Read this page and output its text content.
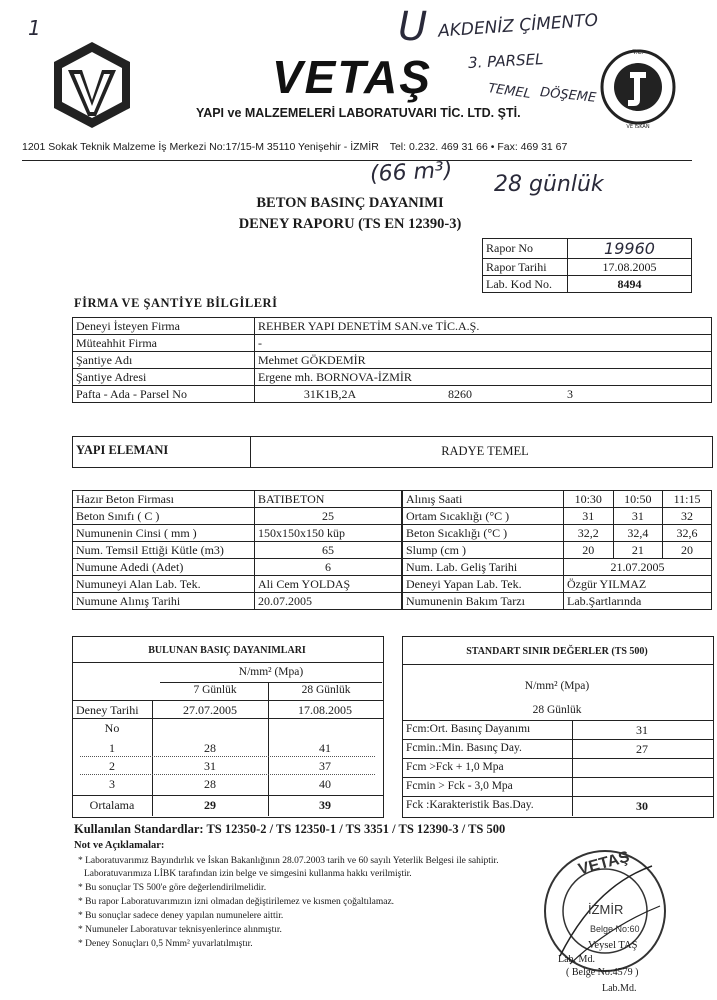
VETAŞ
YAPI ve MALZEMELERİ LABORATUVARI TİC. LTD. ŞTİ.
T.C.
VE İSKAN
1201 Sokak Teknik Malzeme İş Merkezi No:17/15-M 35110 Yenişehir - İZMİR Tel: 0.232. 469 31 66 • Fax: 469 31 67
1	U AKDENİZ ÇİMENTO
3. PARSEL
TEMEL DÖŞEME
(66 m³) 28 günlük
BETON BASINÇ DAYANIMI
DENEY RAPORU (TS EN 12390-3)
Rapor No	19960
Rapor Tarihi	17.08.2005
Lab. Kod No.	8494
FİRMA VE ŞANTİYE BİLGİLERİ
Deneyi İsteyen Firma	REHBER YAPI DENETİM SAN.ve TİC.A.Ş.
Müteahhit Firma	-
Şantiye Adı	Mehmet GÖKDEMİR
Şantiye Adresi	Ergene mh. BORNOVA-İZMİR
Pafta - Ada - Parsel No	31K1B,2A 8260 3
YAPI ELEMANI	RADYE TEMEL
Hazır Beton Firması	BATIBETON
Beton Sınıfı ( C )	25
Numunenin Cinsi ( mm )	150x150x150 küp
Num. Temsil Ettiği Kütle (m3)	65
Numune Adedi (Adet)	6
Numuneyi Alan Lab. Tek.	Ali Cem YOLDAŞ
Numune Alınış Tarihi	20.07.2005
Alınış Saati	10:30	10:50	11:15
Ortam Sıcaklığı (°C )	31	31	32
Beton Sıcaklığı (°C )	32,2	32,4	32,6
Slump (cm )	20	21	20
Num. Lab. Geliş Tarihi	21.07.2005		
Deneyi Yapan Lab. Tek.	Özgür YILMAZ		
Numunenin Bakım Tarzı	Lab.Şartlarında		
BULUNAN BASIÇ DAYANIMLARI
N/mm² (Mpa)
7 Günlük	28 Günlük
Deney Tarihi	27.07.2005	17.08.2005
No
1	28	41
2	31	37
3	28	40
Ortalama	29	39
STANDART SINIR DEĞERLER (TS 500)
N/mm² (Mpa)
28 Günlük
Fcm:Ort. Basınç Dayanımı	31
Fcmin.:Min. Basınç Day.	27
Fcm >Fck + 1,0 Mpa
Fcmin > Fck - 3,0 Mpa
Fck :Karakteristik Bas.Day.	30
Kullanılan Standardlar: TS 12350-2 / TS 12350-1 / TS 3351 / TS 12390-3 / TS 500
Not ve Açıklamalar:
* Laboratuvarımız Bayındırlık ve İskan Bakanlığının 28.07.2003 tarih ve 60 sayılı Yeterlik Belgesi ile sahiptir.
Laboratuvarımıza LİBK tarafından izin belge ve simgesini kullanma hakkı verilmiştir.
* Bu sonuçlar TS 500'e göre değerlendirilmelidir.
* Bu rapor Laboratuvarımızın izni olmadan değiştirilemez ve kısmen çoğaltılamaz.
* Bu sonuçlar sadece deney yapılan numunelere aittir.
* Numuneler Laboratuvar teknisyenlerince alınmıştır.
* Deney Sonuçları 0,5 Nmm² yuvarlatılmıştır.
VETAŞ
İZMİR
Belge No:60
Veysel TAŞ
Lab. Md.
( Belge No:4579 )
Lab.Md.
